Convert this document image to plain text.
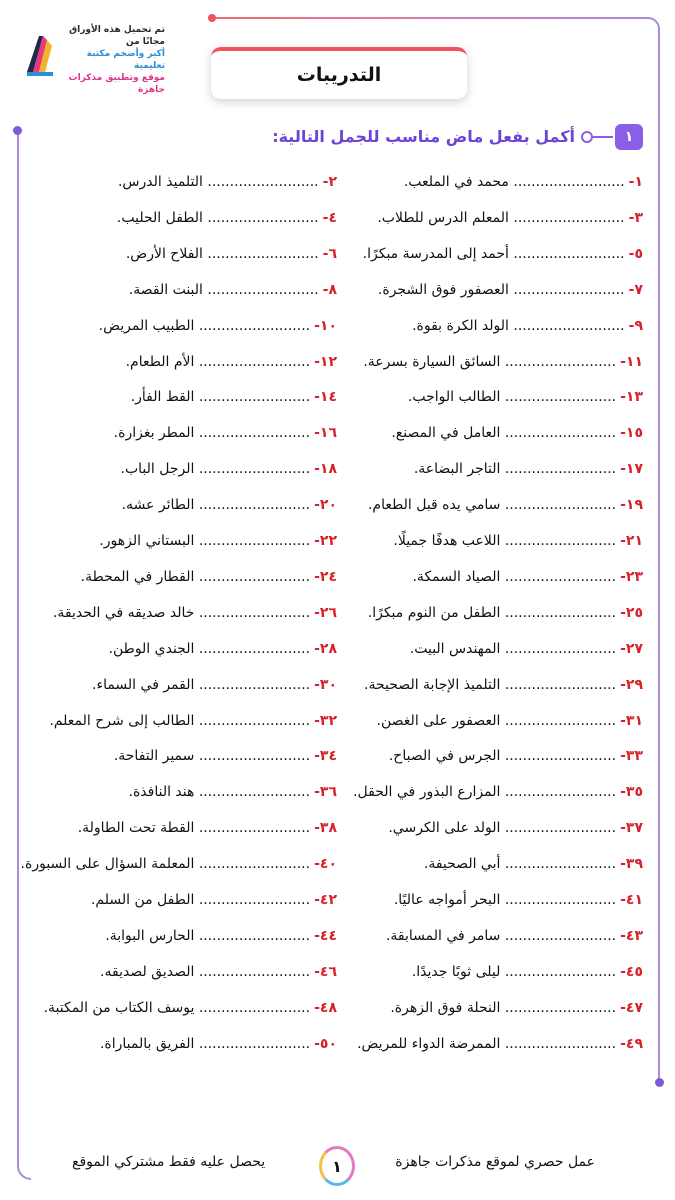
تم تحميل هذه الأوراق مجانًا من
أكبر وأضخم مكتبة تعليمية
موقع وتطبيق مذكرات جاهزة
التدريبات
١
أكمل بفعل ماض مناسب للجمل التالية:
١-
......................... محمد في الملعب.
٢-
......................... التلميذ الدرس.
٣-
......................... المعلم الدرس للطلاب.
٤-
......................... الطفل الحليب.
٥-
......................... أحمد إلى المدرسة مبكرًا.
٦-
......................... الفلاح الأرض.
٧-
......................... العصفور فوق الشجرة.
٨-
......................... البنت القصة.
٩-
......................... الولد الكرة بقوة.
١٠-
......................... الطبيب المريض.
١١-
......................... السائق السيارة بسرعة.
١٢-
......................... الأم الطعام.
١٣-
......................... الطالب الواجب.
١٤-
......................... القط الفأر.
١٥-
......................... العامل في المصنع.
١٦-
......................... المطر بغزارة.
١٧-
......................... التاجر البضاعة.
١٨-
......................... الرجل الباب.
١٩-
......................... سامي يده قبل الطعام.
٢٠-
......................... الطائر عشه.
٢١-
......................... اللاعب هدفًا جميلًا.
٢٢-
......................... البستاني الزهور.
٢٣-
......................... الصياد السمكة.
٢٤-
......................... القطار في المحطة.
٢٥-
......................... الطفل من النوم مبكرًا.
٢٦-
......................... خالد صديقه في الحديقة.
٢٧-
......................... المهندس البيت.
٢٨-
......................... الجندي الوطن.
٢٩-
......................... التلميذ الإجابة الصحيحة.
٣٠-
......................... القمر في السماء.
٣١-
......................... العصفور على الغصن.
٣٢-
......................... الطالب إلى شرح المعلم.
٣٣-
......................... الجرس في الصباح.
٣٤-
......................... سمير التفاحة.
٣٥-
......................... المزارع البذور في الحقل.
٣٦-
......................... هند النافذة.
٣٧-
......................... الولد على الكرسي.
٣٨-
......................... القطة تحت الطاولة.
٣٩-
......................... أبي الصحيفة.
٤٠-
......................... المعلمة السؤال على السبورة.
٤١-
......................... البحر أمواجه عاليًا.
٤٢-
......................... الطفل من السلم.
٤٣-
......................... سامر في المسابقة.
٤٤-
......................... الحارس البوابة.
٤٥-
......................... ليلى ثوبًا جديدًا.
٤٦-
......................... الصديق لصديقه.
٤٧-
......................... النحلة فوق الزهرة.
٤٨-
......................... يوسف الكتاب من المكتبة.
٤٩-
......................... الممرضة الدواء للمريض.
٥٠-
......................... الفريق بالمباراة.
عمل حصري لموقع مذكرات جاهزة
١
يحصل عليه فقط مشتركي الموقع
